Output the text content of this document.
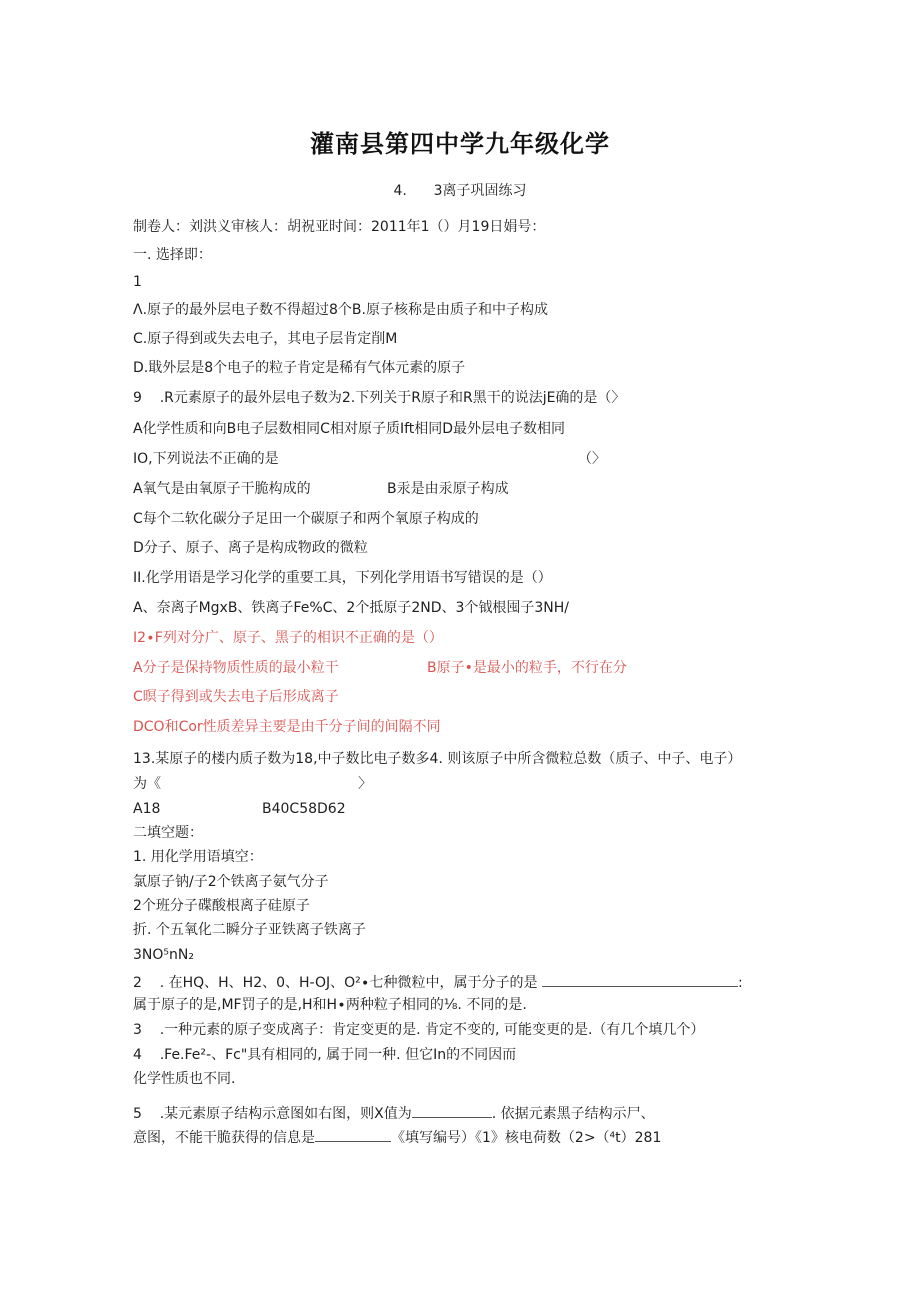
灌南县第四中学九年级化学
4.      3离子巩固练习
制卷人：刘洪义审核人：胡祝亚时间：2011年1（）月19日娟号：
一. 选择即：
1
Λ.原子的最外层电子数不得超过8个B.原子核称是由质子和中子构成
C.原子得到或失去电子，其电子层肯定削M
D.戢外层是8个电子的粒子肯定是稀有气体元素的原子
9    .R元素原子的最外层电子数为2.下列关于R原子和R黑干的说法jE确的是（〉
A化学性质和向B电子层数相同C相对原子质Ift相同D最外层电子数相同
IO,下列说法不正确的是	（〉
A氧气是由氧原子干脆构成的	B汞是由汞原子构成
C每个二软化碳分子足田一个碳原子和两个氧原子构成的
D分子、原子、离子是构成物政的微粒
II.化学用语是学习化学的重要工具，下列化学用语书写错误的是（）
A、奈离子MgxB、铁离子Fe%C、2个抵原子2ND、3个钺根囤子3NH/
I2∙F列对分广、原子、黑子的相识不正确的是（）
A分子是保持物质性质的最小粒干	B原子•是最小的粒手，不行在分
C暝子得到或失去电子后形成离子
DCO和Cor性质差异主要是由千分子间的间隔不同
13.某原子的楼内质子数为18,中子数比电子数多4. 则该原子中所含微粒总数（质子、中子、电子）
为《	〉
A18	B40C58D62
二填空题：
1. 用化学用语填空：
氯原子钠/子2个铁离子氨气分子
2个班分子碟酸根离子硅原子
折. 个五氧化二瞬分子亚铁离子铁离子
3NO⁵nN₂
2    . 在HQ、H、H2、0、H-OJ、O²∙七种微粒中，属于分子的是	:
属于原子的是,MF罚子的是,H和H∙两种粒子相同的⅛. 不同的是.
3    .一种元素的原子变成离子：肯定变更的是. 肯定不变的, 可能变更的是.（有几个填几个）
4    .Fe.Fe²-、Fc"具有相同的, 属于同一种. 但它In的不同因而
化学性质也不同.
5    .某元素原子结构示意图如右图，则X值为	. 依据元素黑子结构示尸、
意图，不能干脆获得的信息是	《填写编号）《1》核电荷数（2>（⁴t）281
